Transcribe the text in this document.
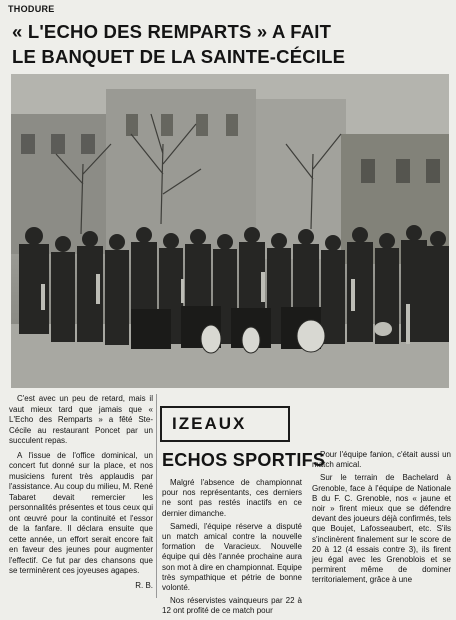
THODURE
« L'ECHO DES REMPARTS » A FAIT
LE BANQUET DE LA SAINTE-CÉCILE

C'est avec un peu de retard, mais il vaut mieux tard que jamais que « L'Echo des Remparts » a fêté Ste-Cécile au restaurant Poncet par un succulent repas.

A l'issue de l'office dominical, un concert fut donné sur la place, et nos musiciens furent très applaudis par l'assistance. Au coup du milieu, M. René Tabaret devait remercier les personnalités présentes et tous ceux qui ont œuvré pour la continuité et l'essor de la fanfare. Il déclara ensuite que cette année, un effort serait encore fait en faveur des jeunes pour augmenter l'effectif. Ce fut par des chansons que se terminèrent ces joyeuses agapes.

R. B.

IZEAUX
ECHOS SPORTIFS

Malgré l'absence de championnat pour nos représentants, ces derniers ne sont pas restés inactifs en ce dernier dimanche.

Samedi, l'équipe réserve a disputé un match amical contre la nouvelle formation de Varacieux. Nouvelle équipe qui dès l'année prochaine aura son mot à dire en championnat. Equipe très sympathique et pétrie de bonne volonté.

Nos réservistes vainqueurs par 22 à 12 ont profité de ce match pour

Pour l'équipe fanion, c'était aussi un match amical.

Sur le terrain de Bachelard à Grenoble, face à l'équipe de Nationale B du F. C. Grenoble, nos « jaune et noir » firent mieux que se défendre devant des joueurs déjà confirmés, tels que Boujet, Lafosseaubert, etc. S'ils s'inclinèrent finalement sur le score de 20 à 12 (4 essais contre 3), ils firent jeu égal avec les Grenoblois et se permirent même de dominer territorialement, grâce à une
